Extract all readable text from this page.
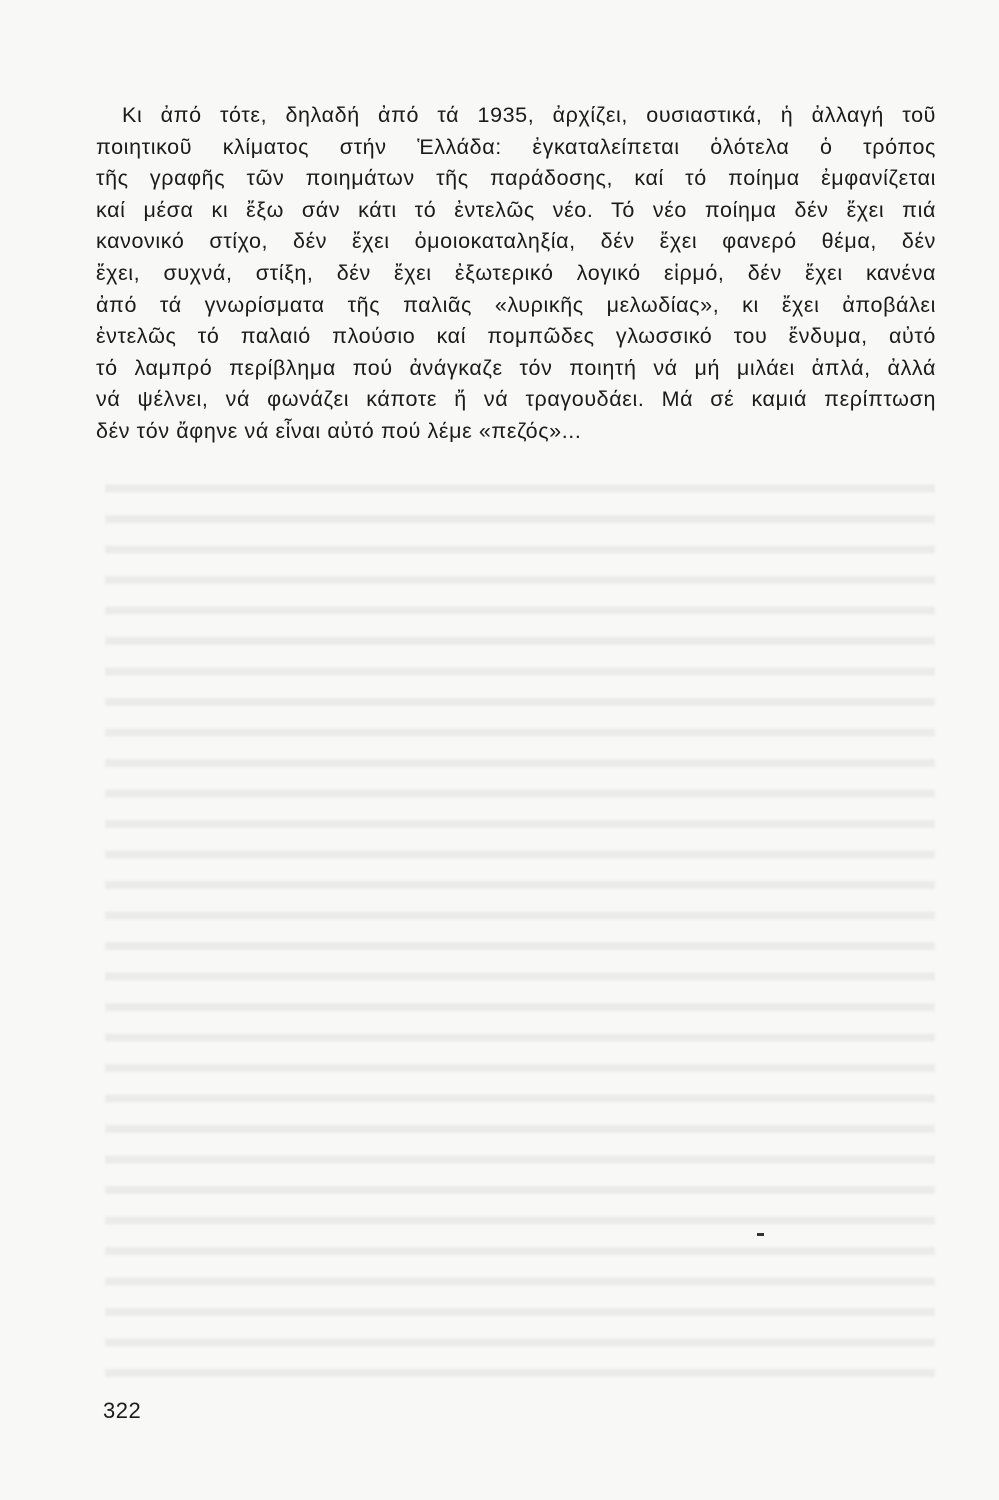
Κι ἀπό τότε, δηλαδή ἀπό τά 1935, ἀρχίζει, ουσιαστικά, ἡ ἀλλαγή τοῦ
ποιητικοῦ κλίματος στήν Ἑλλάδα: ἐγκαταλείπεται ὁλότελα ὁ τρόπος
τῆς γραφῆς τῶν ποιημάτων τῆς παράδοσης, καί τό ποίημα ἐμφανίζεται
καί μέσα κι ἔξω σάν κάτι τό ἐντελῶς νέο. Τό νέο ποίημα δέν ἔχει πιά
κανονικό στίχο, δέν ἔχει ὁμοιοκαταληξία, δέν ἔχει φανερό θέμα, δέν
ἔχει, συχνά, στίξη, δέν ἔχει ἐξωτερικό λογικό εἱρμό, δέν ἔχει κανένα
ἀπό τά γνωρίσματα τῆς παλιᾶς «λυρικῆς μελωδίας», κι ἔχει ἀποβάλει
ἐντελῶς τό παλαιό πλούσιο καί πομπῶδες γλωσσικό του ἔνδυμα, αὐτό
τό λαμπρό περίβλημα πού ἀνάγκαζε τόν ποιητή νά μή μιλάει ἁπλά, ἀλλά
νά ψέλνει, νά φωνάζει κάποτε ἤ νά τραγουδάει. Μά σέ καμιά περίπτωση
δέν τόν ἄφηνε νά εἶναι αὐτό πού λέμε «πεζός»...
322
